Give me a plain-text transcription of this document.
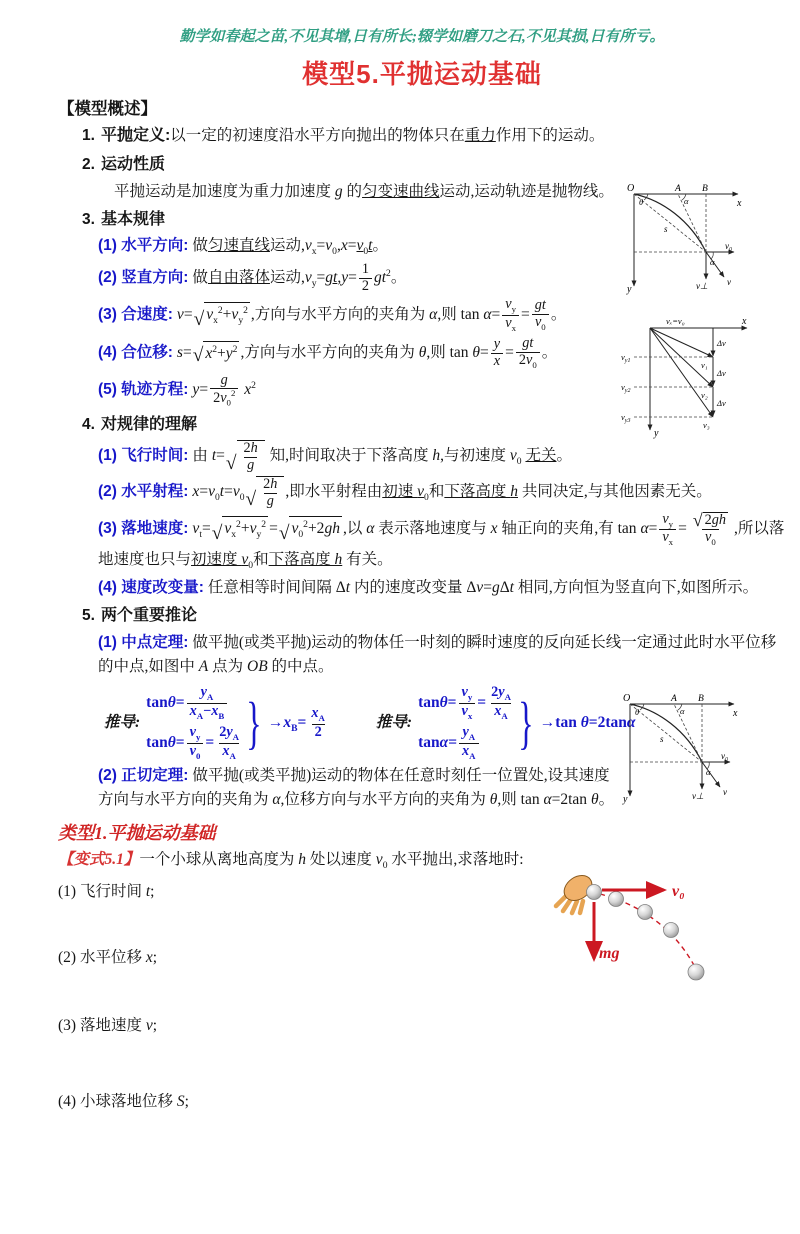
勤学如春起之苗,不见其增,日有所长;辍学如磨刀之石,不见其损,日有所亏。
模型5.平抛运动基础
【模型概述】
1. 平抛定义:以一定的初速度沿水平方向抛出的物体只在重力作用下的运动。
2. 运动性质
平抛运动是加速度为重力加速度 g 的匀变速曲线运动,运动轨迹是抛物线。
3. 基本规律
(1) 水平方向: 做匀速直线运动$,v_x=v_0,x=v_0t$。
(2) 竖直方向: 做自由落体运动$,v_y=gt,y= \frac{1}{2} gt^2$。
(3) 合速度: v= √ $v_x^2+v_y^2$ ,方向与水平方向的夹角为 α,则 $\tan \alpha= \frac{v_y}{v_x} = \frac{gt}{v_0}$ 。
(4) 合位移: s= √ $x^2+y^2$ ,方向与水平方向的夹角为 θ,则 $\tan \theta= \frac{y}{x} = \frac{gt}{2v_0}$ 。
(5) 轨迹方程: $y= \frac{g}{2v_0^2} x^2$
4. 对规律的理解
(1) 飞行时间: 由 t= √ $\frac{2h}{g}$ 知,时间取决于下落高度 h,与初速度 $v_0$ 无关。
(2) 水平射程: $x=v_0t=v_0$ √ $\frac{2h}{g}$ ,即水平射程由初速 $v_0$和下落高度 h 共同决定,与其他因素无关。
(3) 落地速度: $v_t=$ √ $v_x^2+v_y^2$ = √ $v_0^2+2gh$ ,以 α 表示落地速度与 x 轴正向的夹角,有 $\tan \alpha= \frac{v_y}{v_x} = \frac{√ 2gh}{v_0}$ ,所以落地速度也只与初速度 $v_0$和下落高度 h 有关。
(4) 速度改变量: 任意相等时间间隔 Δt 内的速度改变量 Δv=gΔt 相同,方向恒为竖直向下,如图所示。
5. 两个重要推论
(1) 中点定理: 做平抛(或类平抛)运动的物体任一时刻的瞬时速度的反向延长线一定通过此时水平位移的中点,如图中 A 点为 OB 的中点。
推导:
$\tan\theta= \frac{y_A}{x_A-x_B}$
$\tan\theta= \frac{v_y}{v_0} = \frac{2y_A}{x_A}$ } $\to x_B= \frac{x_A}{2}$	推导:
$\tan\theta= \frac{v_y}{v_x} = \frac{2y_A}{x_A}$
$\tan\alpha= \frac{y_A}{x_A}$ } →tan θ=2tanα
(2) 正切定理: 做平抛(或类平抛)运动的物体在任意时刻任一位置处,设其速度方向与水平方向的夹角为 α,位移方向与水平方向的夹角为 θ,则 tan α=2tan θ。
类型1.平抛运动基础
【变式5.1】一个小球从离地高度为 h 处以速度 $v_0$ 水平抛出,求落地时:
(1) 飞行时间 t;
(2) 水平位移 x;
(3) 落地速度 v;
(4) 小球落地位移 S;
O	A B
x
y
θ	α
s
v₀
α
v⊥ v
vₓ=v₀	x
y
Δv
Δv
Δv
v₁
v₂
v₃
$v_{y1}$
$v_{y2}$
$v_{y3}$
O	A B
x
y
θ	α
s
v₀
α
v⊥ v
v₀
mg
